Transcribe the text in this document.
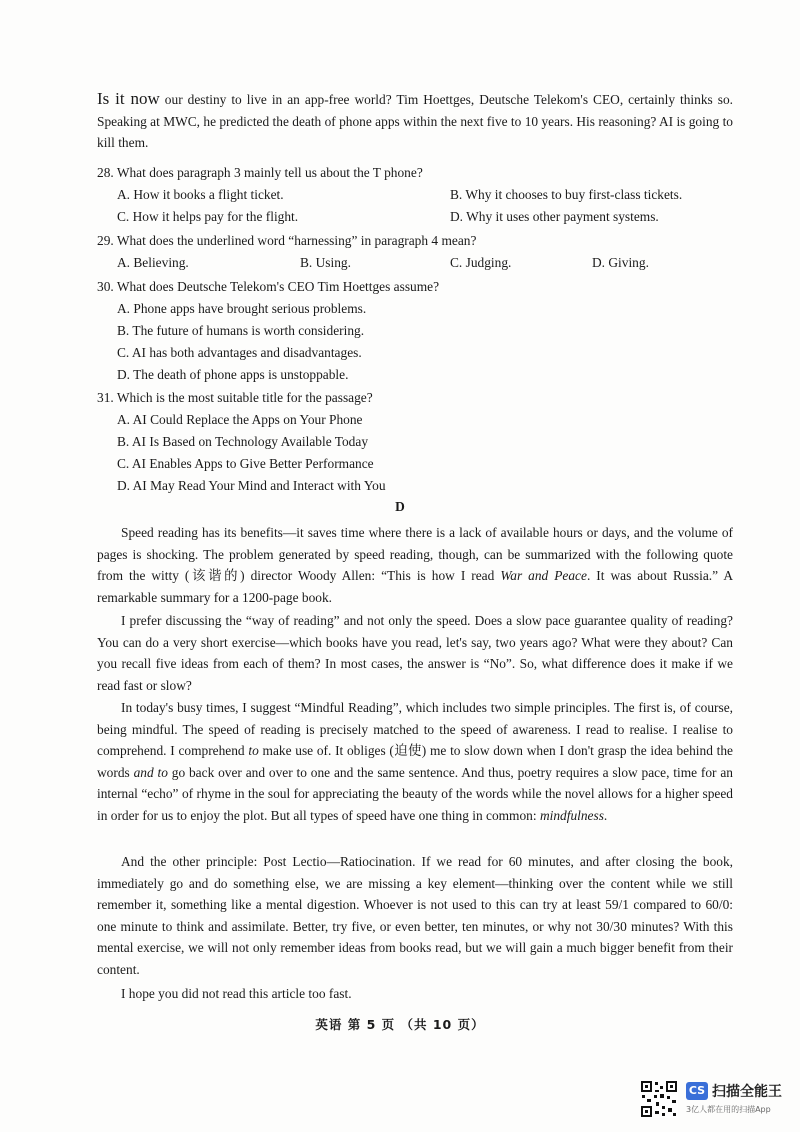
Is it now our destiny to live in an app-free world? Tim Hoettges, Deutsche Telekom's CEO, certainly thinks so. Speaking at MWC, he predicted the death of phone apps within the next five to 10 years. His reasoning? AI is going to kill them.

28. What does paragraph 3 mainly tell us about the T phone?

A. How it books a flight ticket.	B. Why it chooses to buy first-class tickets.

C. How it helps pay for the flight.	D. Why it uses other payment systems.

29. What does the underlined word “harnessing” in paragraph 4 mean?

A. Believing.	B. Using.	C. Judging.	D. Giving.

30. What does Deutsche Telekom's CEO Tim Hoettges assume?

A. Phone apps have brought serious problems.

B. The future of humans is worth considering.

C. AI has both advantages and disadvantages.

D. The death of phone apps is unstoppable.

31. Which is the most suitable title for the passage?

A. AI Could Replace the Apps on Your Phone

B. AI Is Based on Technology Available Today

C. AI Enables Apps to Give Better Performance

D. AI May Read Your Mind and Interact with You

D

Speed reading has its benefits—it saves time where there is a lack of available hours or days, and the volume of pages is shocking. The problem generated by speed reading, though, can be summarized with the following quote from the witty (该谐的) director Woody Allen: “This is how I read War and Peace. It was about Russia.” A remarkable summary for a 1200-page book.

I prefer discussing the “way of reading” and not only the speed. Does a slow pace guarantee quality of reading? You can do a very short exercise—which books have you read, let's say, two years ago? What were they about? Can you recall five ideas from each of them? In most cases, the answer is “No”. So, what difference does it make if we read fast or slow?

In today's busy times, I suggest “Mindful Reading”, which includes two simple principles. The first is, of course, being mindful. The speed of reading is precisely matched to the speed of awareness. I read to realise. I realise to comprehend. I comprehend to make use of. It obliges (迫使) me to slow down when I don't grasp the idea behind the words and to go back over and over to one and the same sentence. And thus, poetry requires a slow pace, time for an internal “echo” of rhyme in the soul for appreciating the beauty of the words while the novel allows for a higher speed in order for us to enjoy the plot. But all types of speed have one thing in common: mindfulness.

And the other principle: Post Lectio—Ratiocination. If we read for 60 minutes, and after closing the book, immediately go and do something else, we are missing a key element—thinking over the content while we still remember it, something like a mental digestion. Whoever is not used to this can try at least 59/1 compared to 60/0: one minute to think and assimilate. Better, try five, or even better, ten minutes, or why not 30/30 minutes? With this mental exercise, we will not only remember ideas from books read, but we will gain a much bigger benefit from their content.

I hope you did not read this article too fast.

英语 第 5 页 （共 10 页）
CS 扫描全能王
3亿人都在用的扫描App
